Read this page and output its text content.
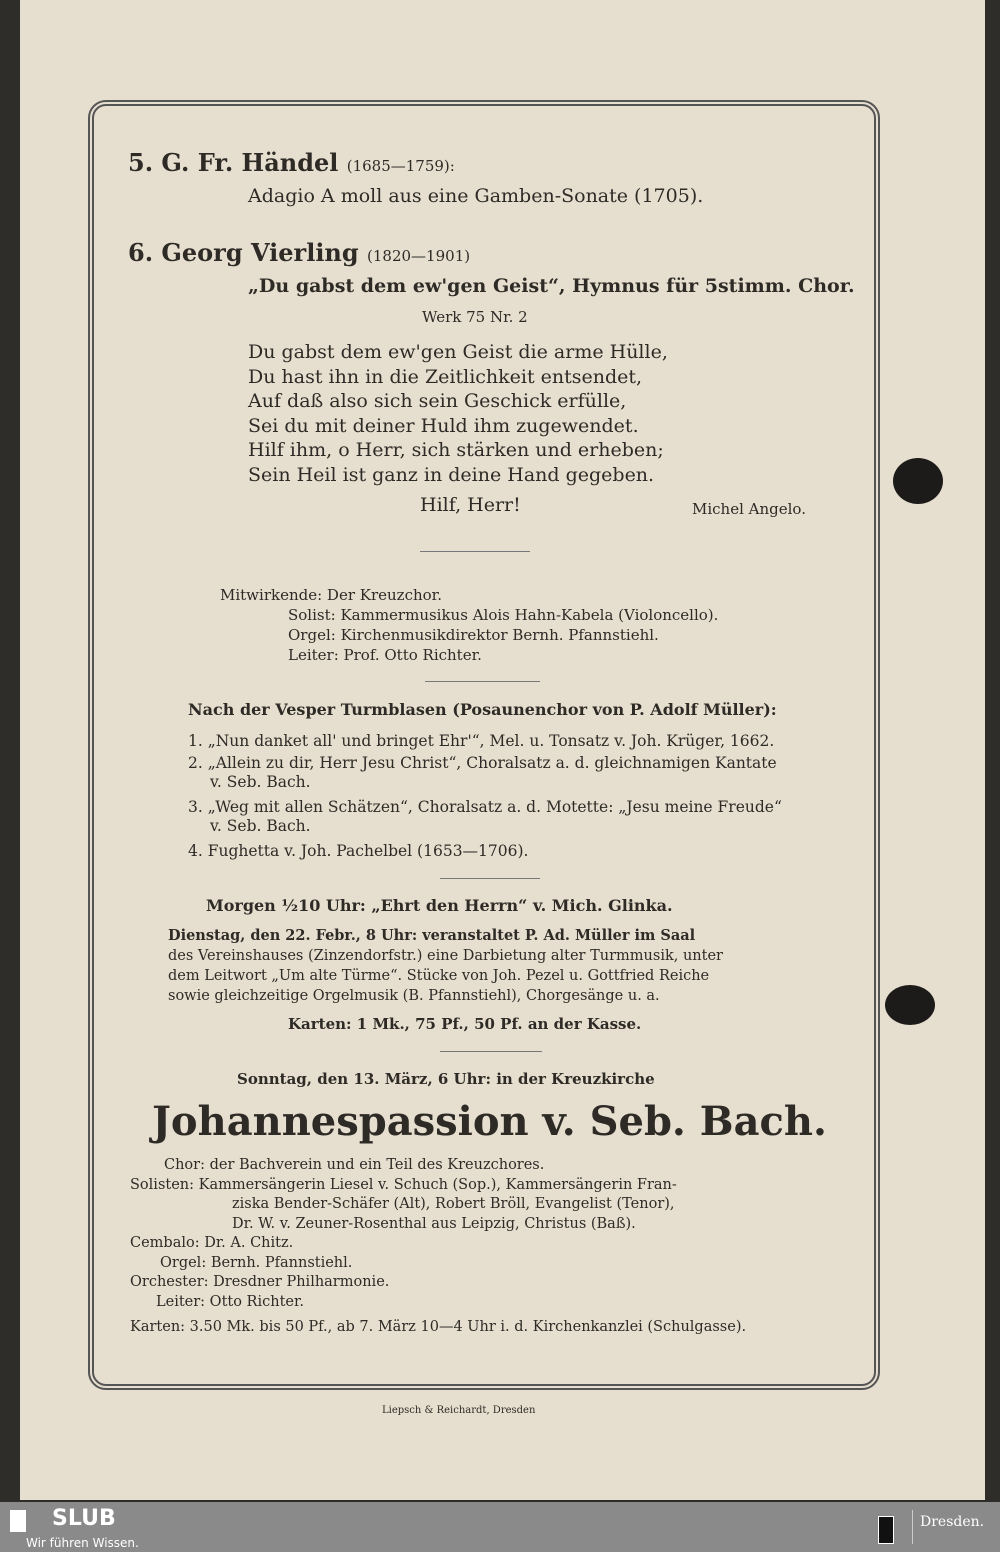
5. G. Fr. Händel (1685—1759):
Adagio A moll aus eine Gamben-Sonate (1705).
6. Georg Vierling (1820—1901)
„Du gabst dem ew'gen Geist“, Hymnus für 5stimm. Chor.
Werk 75 Nr. 2
Du gabst dem ew'gen Geist die arme Hülle,
Du hast ihn in die Zeitlichkeit entsendet,
Auf daß also sich sein Geschick erfülle,
Sei du mit deiner Huld ihm zugewendet.
Hilf ihm, o Herr, sich stärken und erheben;
Sein Heil ist ganz in deine Hand gegeben.
Hilf, Herr!	Michel Angelo.
Mitwirkende: Der Kreuzchor.
Solist: Kammermusikus Alois Hahn-Kabela (Violoncello).
Orgel: Kirchenmusikdirektor Bernh. Pfannstiehl.
Leiter: Prof. Otto Richter.
Nach der Vesper Turmblasen (Posaunenchor von P. Adolf Müller):
1. „Nun danket all' und bringet Ehr'“, Mel. u. Tonsatz v. Joh. Krüger, 1662.
2. „Allein zu dir, Herr Jesu Christ“, Choralsatz a. d. gleichnamigen Kantate
v. Seb. Bach.
3. „Weg mit allen Schätzen“, Choralsatz a. d. Motette: „Jesu meine Freude“
v. Seb. Bach.
4. Fughetta v. Joh. Pachelbel (1653—1706).
Morgen ½10 Uhr: „Ehrt den Herrn“ v. Mich. Glinka.
Dienstag, den 22. Febr., 8 Uhr: veranstaltet P. Ad. Müller im Saal
des Vereinshauses (Zinzendorfstr.) eine Darbietung alter Turmmusik, unter
dem Leitwort „Um alte Türme“. Stücke von Joh. Pezel u. Gottfried Reiche
sowie gleichzeitige Orgelmusik (B. Pfannstiehl), Chorgesänge u. a.
Karten: 1 Mk., 75 Pf., 50 Pf. an der Kasse.
Sonntag, den 13. März, 6 Uhr: in der Kreuzkirche
Johannespassion v. Seb. Bach.
Chor: der Bachverein und ein Teil des Kreuzchores.
Solisten: Kammersängerin Liesel v. Schuch (Sop.), Kammersängerin Fran-
ziska Bender-Schäfer (Alt), Robert Bröll, Evangelist (Tenor),
Dr. W. v. Zeuner-Rosenthal aus Leipzig, Christus (Baß).
Cembalo: Dr. A. Chitz.
Orgel: Bernh. Pfannstiehl.
Orchester: Dresdner Philharmonie.
Leiter: Otto Richter.
Karten: 3.50 Mk. bis 50 Pf., ab 7. März 10—4 Uhr i. d. Kirchenkanzlei (Schulgasse).
Liepsch & Reichardt, Dresden
SLUB
Wir führen Wissen.
Dresden.
